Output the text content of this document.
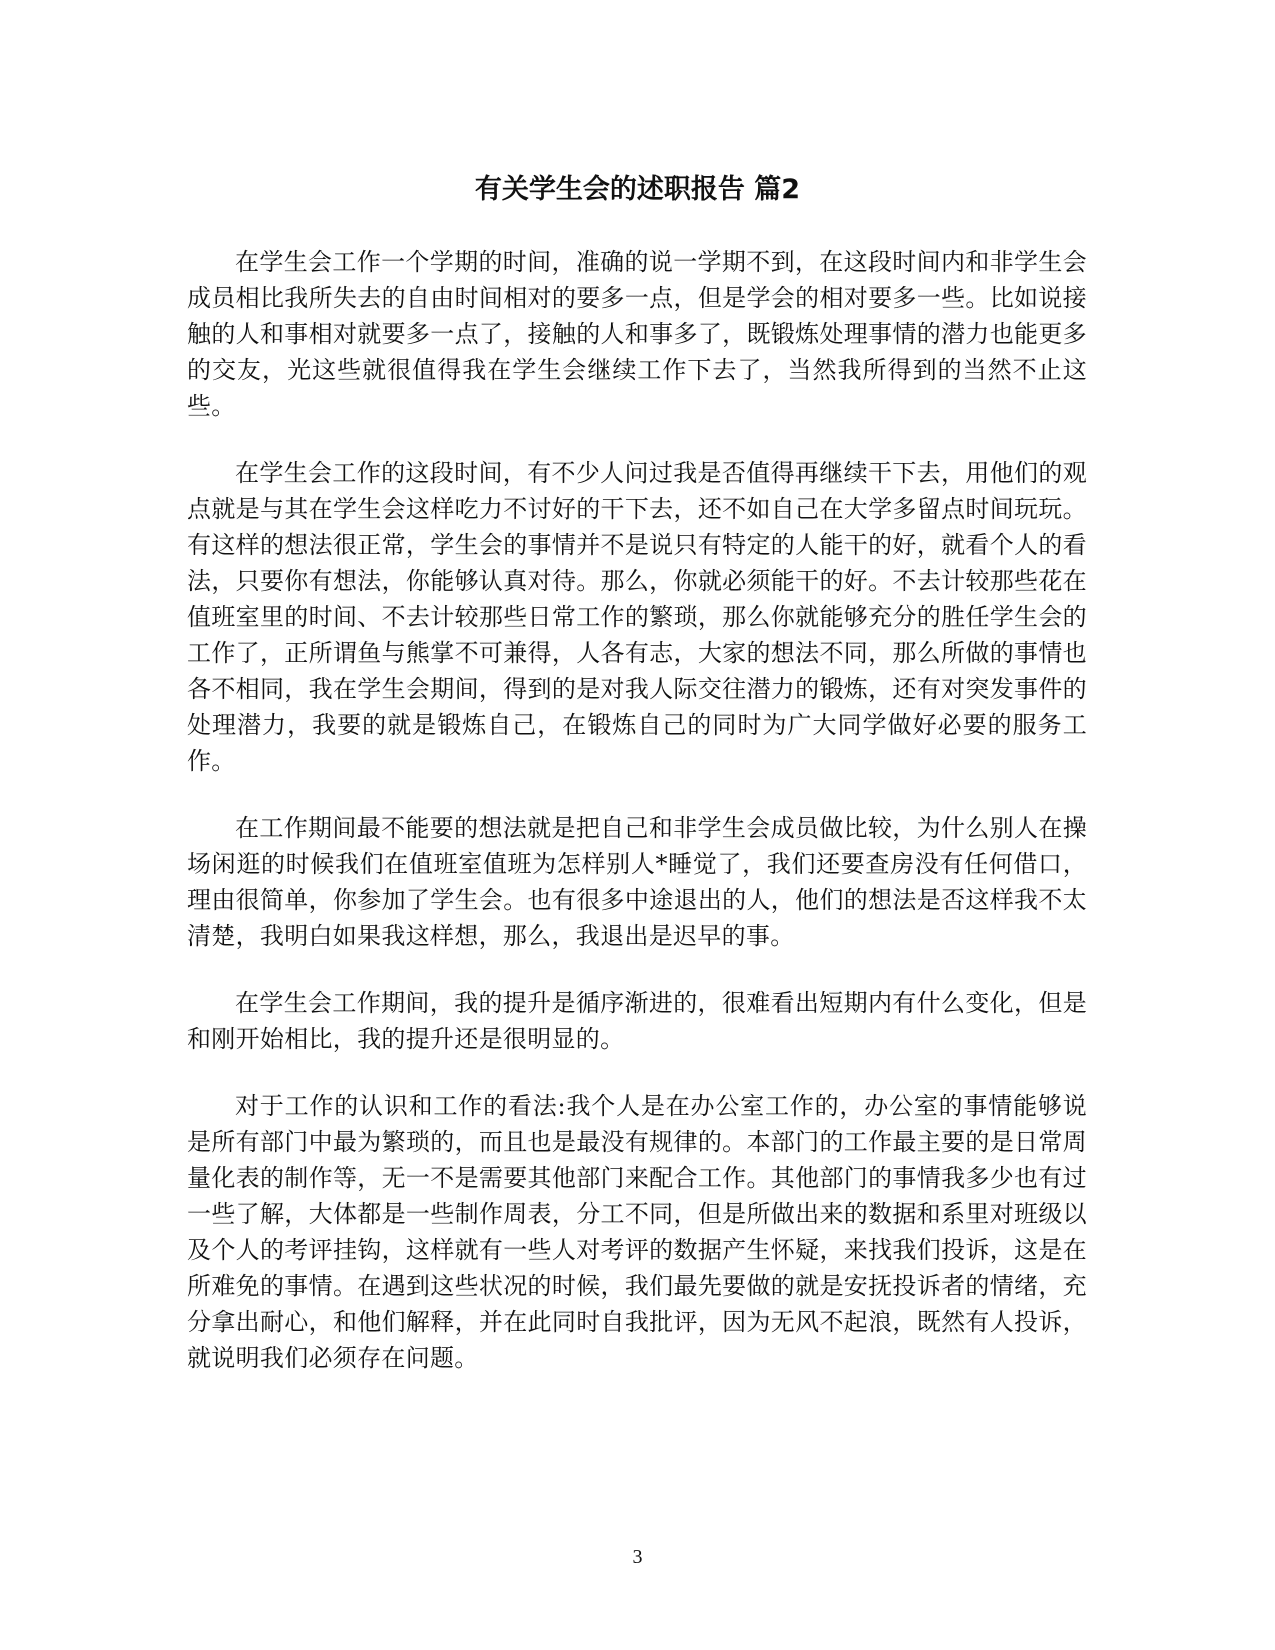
有关学生会的述职报告 篇2

在学生会工作一个学期的时间，准确的说一学期不到，在这段时间内和非学生会成员相比我所失去的自由时间相对的要多一点，但是学会的相对要多一些。比如说接触的人和事相对就要多一点了，接触的人和事多了，既锻炼处理事情的潜力也能更多的交友，光这些就很值得我在学生会继续工作下去了，当然我所得到的当然不止这些。

在学生会工作的这段时间，有不少人问过我是否值得再继续干下去，用他们的观点就是与其在学生会这样吃力不讨好的干下去，还不如自己在大学多留点时间玩玩。有这样的想法很正常，学生会的事情并不是说只有特定的人能干的好，就看个人的看法，只要你有想法，你能够认真对待。那么，你就必须能干的好。不去计较那些花在值班室里的时间、不去计较那些日常工作的繁琐，那么你就能够充分的胜任学生会的工作了，正所谓鱼与熊掌不可兼得，人各有志，大家的想法不同，那么所做的事情也各不相同，我在学生会期间，得到的是对我人际交往潜力的锻炼，还有对突发事件的处理潜力，我要的就是锻炼自己，在锻炼自己的同时为广大同学做好必要的服务工作。

在工作期间最不能要的想法就是把自己和非学生会成员做比较，为什么别人在操场闲逛的时候我们在值班室值班为怎样别人*睡觉了，我们还要查房没有任何借口，理由很简单，你参加了学生会。也有很多中途退出的人，他们的想法是否这样我不太清楚，我明白如果我这样想，那么，我退出是迟早的事。

在学生会工作期间，我的提升是循序渐进的，很难看出短期内有什么变化，但是和刚开始相比，我的提升还是很明显的。

对于工作的认识和工作的看法:我个人是在办公室工作的，办公室的事情能够说是所有部门中最为繁琐的，而且也是最没有规律的。本部门的工作最主要的是日常周量化表的制作等，无一不是需要其他部门来配合工作。其他部门的事情我多少也有过一些了解，大体都是一些制作周表，分工不同，但是所做出来的数据和系里对班级以及个人的考评挂钩，这样就有一些人对考评的数据产生怀疑，来找我们投诉，这是在所难免的事情。在遇到这些状况的时候，我们最先要做的就是安抚投诉者的情绪，充分拿出耐心，和他们解释，并在此同时自我批评，因为无风不起浪，既然有人投诉，就说明我们必须存在问题。

3
